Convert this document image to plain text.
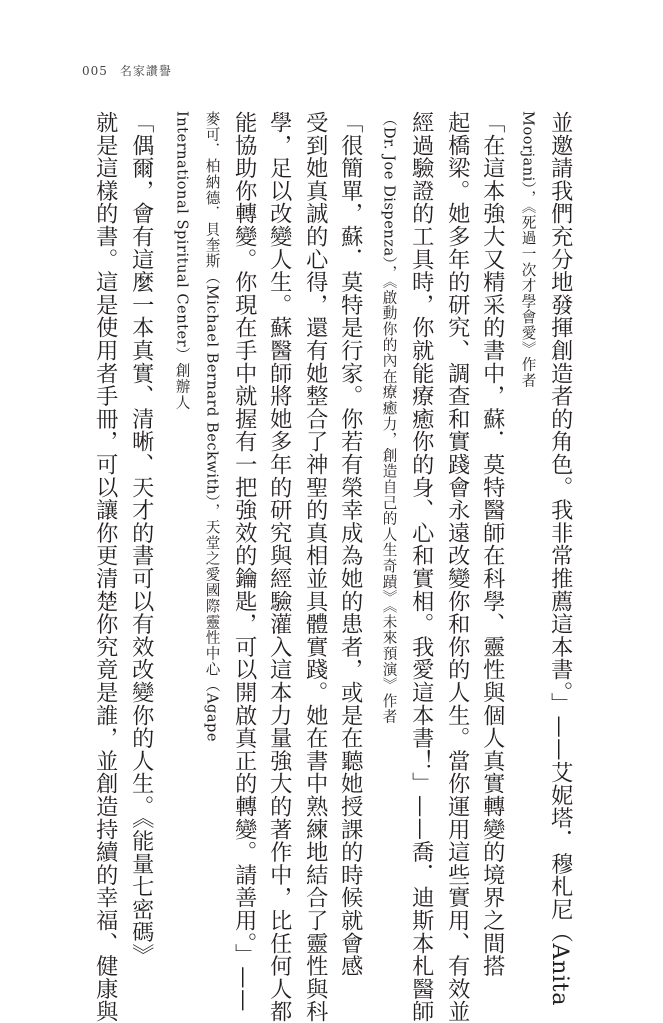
005 名家讚譽
並邀請我們充分地發揮創造者的角色。我非常推薦這本書。」——艾妮塔．穆札尼（Anita
Moorjani），《死過一次才學會愛》作者
「在這本強大又精采的書中，蘇．莫特醫師在科學、靈性與個人真實轉變的境界之間搭
起橋梁。她多年的研究、調查和實踐會永遠改變你和你的人生。當你運用這些實用、有效並
經過驗證的工具時，你就能療癒你的身、心和實相。我愛這本書！」——喬．迪斯本札醫師
（Dr. Joe Dispenza），《啟動你的內在療癒力，創造自己的人生奇蹟》《未來預演》作者
「很簡單，蘇．莫特是行家。你若有榮幸成為她的患者，或是在聽她授課的時候就會感
受到她真誠的心得，還有她整合了神聖的真相並具體實踐。她在書中熟練地結合了靈性與科
學，足以改變人生。蘇醫師將她多年的研究與經驗灌入這本力量強大的著作中，比任何人都
能協助你轉變。你現在手中就握有一把強效的鑰匙，可以開啟真正的轉變。請善用。」——
麥可．柏納德．貝奎斯（Michael Bernard Beckwith），天堂之愛國際靈性中心（Agape
International Spiritual Center）創辦人
「偶爾，會有這麼一本真實、清晰、天才的書可以有效改變你的人生。《能量七密碼》
就是這樣的書。這是使用者手冊，可以讓你更清楚你究竟是誰，並創造持續的幸福、健康與
